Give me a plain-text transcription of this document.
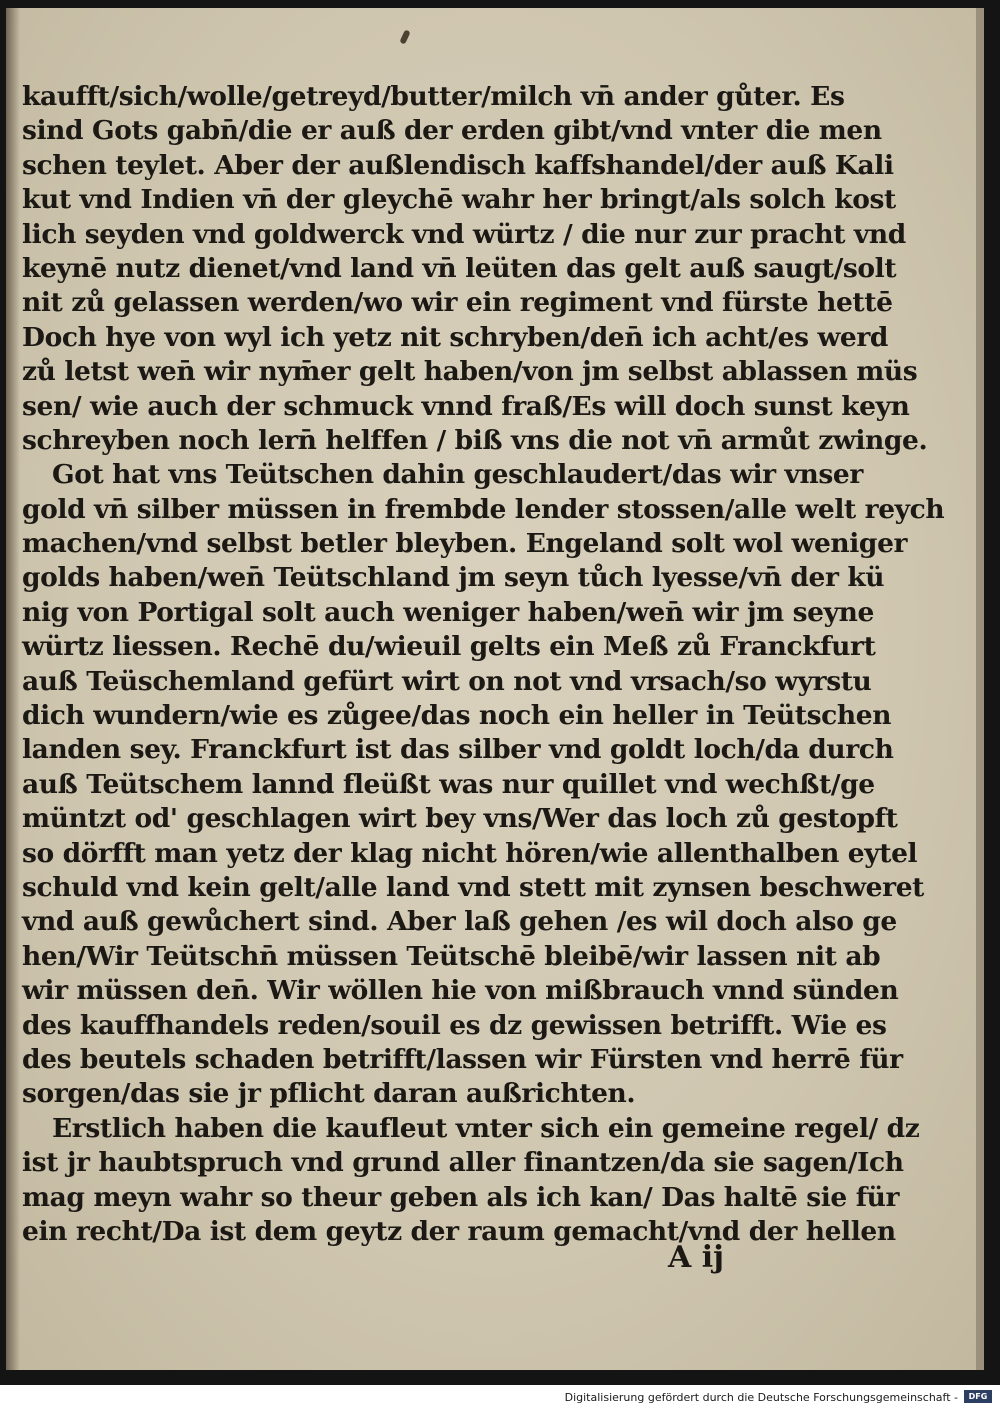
kaufft/sich/wolle/getreyd/butter/milch vn̄ ander gůter. Es
sind Gots gabn̄/die er auß der erden gibt/vnd vnter die men
schen teylet. Aber der außlendisch kaffshandel/der auß Kali
kut vnd Indien vn̄ der gleychē wahr her bringt/als solch kost
lich seyden vnd goldwerck vnd würtz / die nur zur pracht vnd
keynē nutz dienet/vnd land vn̄ leüten das gelt auß saugt/solt
nit zů gelassen werden/wo wir ein regiment vnd fürste hettē
Doch hye von wyl ich yetz nit schryben/den̄ ich acht/es werd
zů letst wen̄ wir nym̄er gelt haben/von jm selbst ablassen müs
sen/ wie auch der schmuck vnnd fraß/Es will doch sunst keyn
schreyben noch lern̄ helffen / biß vns die not vn̄ armůt zwinge.
Got hat vns Teütschen dahin geschlaudert/das wir vnser
gold vn̄ silber müssen in frembde lender stossen/alle welt reych
machen/vnd selbst betler bleyben. Engeland solt wol weniger
golds haben/wen̄ Teütschland jm seyn tůch lyesse/vn̄ der kü
nig von Portigal solt auch weniger haben/wen̄ wir jm seyne
würtz liessen. Rechē du/wieuil gelts ein Meß zů Franckfurt
auß Teüschemland gefürt wirt on not vnd vrsach/so wyrstu
dich wundern/wie es zůgee/das noch ein heller in Teütschen
landen sey. Franckfurt ist das silber vnd goldt loch/da durch
auß Teütschem lannd fleüßt was nur quillet vnd wechßt/ge
müntzt od' geschlagen wirt bey vns/Wer das loch zů gestopft
so dörfft man yetz der klag nicht hören/wie allenthalben eytel
schuld vnd kein gelt/alle land vnd stett mit zynsen beschweret
vnd auß gewůchert sind. Aber laß gehen /es wil doch also ge
hen/Wir Teütschn̄ müssen Teütschē bleibē/wir lassen nit ab
wir müssen den̄. Wir wöllen hie von mißbrauch vnnd sünden
des kauffhandels reden/souil es dz gewissen betrifft. Wie es
des beutels schaden betrifft/lassen wir Fürsten vnd herrē für
sorgen/das sie jr pflicht daran außrichten.
Erstlich haben die kaufleut vnter sich ein gemeine regel/ dz
ist jr haubtspruch vnd grund aller finantzen/da sie sagen/Ich
mag meyn wahr so theur geben als ich kan/ Das haltē sie für
ein recht/Da ist dem geytz der raum gemacht/vnd der hellen
A ij
Digitalisierung gefördert durch die Deutsche Forschungsgemeinschaft -	DFG
